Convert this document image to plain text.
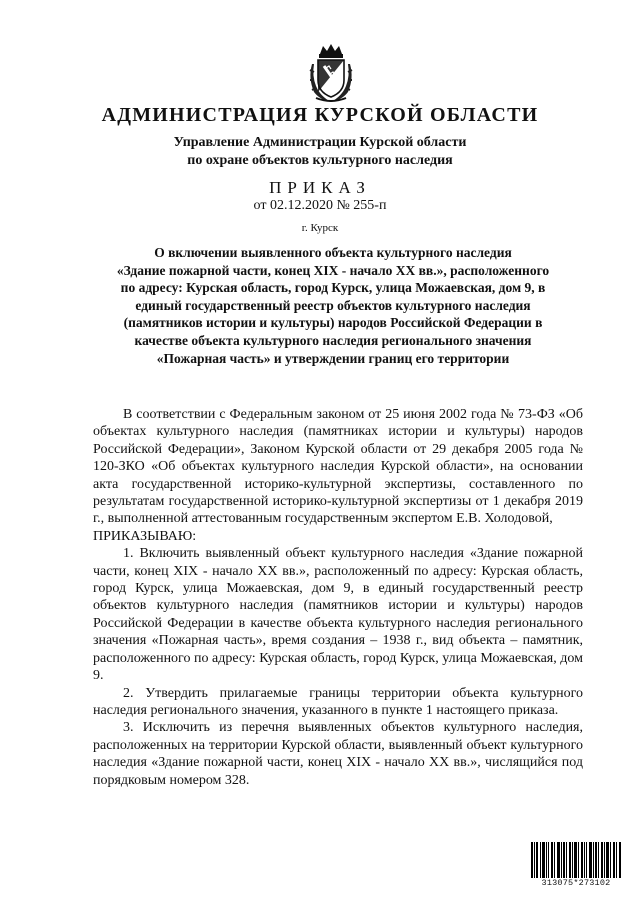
АДМИНИСТРАЦИЯ КУРСКОЙ ОБЛАСТИ
Управление Администрации Курской области
по охране объектов культурного наследия
ПРИКАЗ
от 02.12.2020 № 255-п
г. Курск
О включении выявленного объекта культурного наследия
«Здание пожарной части, конец XIX - начало XX вв.», расположенного
по адресу: Курская область, город Курск, улица Можаевская, дом 9, в
единый государственный реестр объектов культурного наследия
(памятников истории и культуры) народов Российской Федерации в
качестве объекта культурного наследия регионального значения
«Пожарная часть» и утверждении границ его территории

В соответствии с Федеральным законом от 25 июня 2002 года № 73-ФЗ «Об объектах культурного наследия (памятниках истории и культуры) народов Российской Федерации», Законом Курской области от 29 декабря 2005 года № 120-ЗКО «Об объектах культурного наследия Курской области», на основании акта государственной историко-культурной экспертизы, составленного по результатам государственной историко-культурной экспертизы от 1 декабря 2019 г., выполненной аттестованным государственным экспертом Е.В. Холодовой,

ПРИКАЗЫВАЮ:

1. Включить выявленный объект культурного наследия «Здание пожарной части, конец XIX - начало XX вв.», расположенный по адресу: Курская область, город Курск, улица Можаевская, дом 9, в единый государственный реестр объектов культурного наследия (памятников истории и культуры) народов Российской Федерации в качестве объекта культурного наследия регионального значения «Пожарная часть», время создания – 1938 г., вид объекта – памятник, расположенного по адресу: Курская область, город Курск, улица Можаевская, дом 9.

2. Утвердить прилагаемые границы территории объекта культурного наследия регионального значения, указанного в пункте 1 настоящего приказа.

3. Исключить из перечня выявленных объектов культурного наследия, расположенных на территории Курской области, выявленный объект культурного наследия «Здание пожарной части, конец XIX - начало XX вв.», числящийся под порядковым номером 328.

313075*273102
